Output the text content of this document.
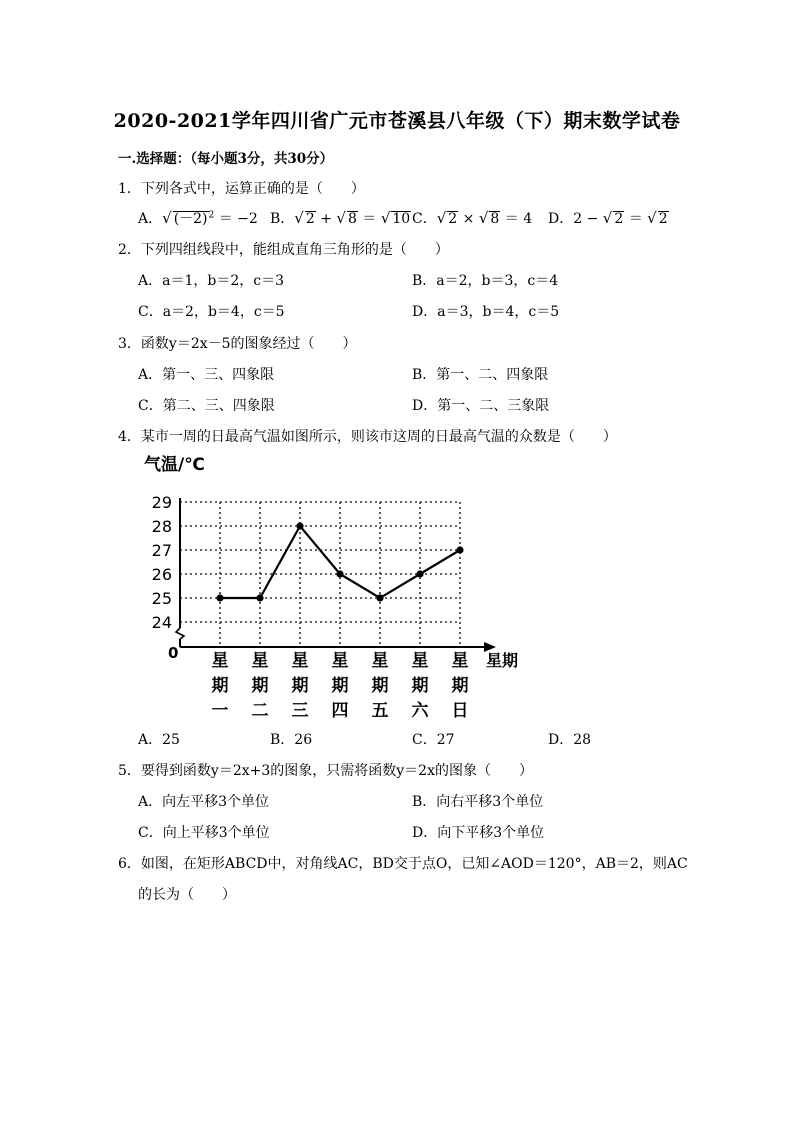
2020-2021学年四川省广元市苍溪县八年级（下）期末数学试卷
一.选择题：（每小题3分，共30分）
1．下列各式中，运算正确的是（　　）
A．√ $(-2)^2 = -2$ B．√ 2 + √ 8 ＝ √ 10 C．√ 2 × √ 8 ＝ 4 D．2 − √ 2 ＝ √ 2
2．下列四组线段中，能组成直角三角形的是（　　）
A．a＝1，b＝2，c＝3	B．a＝2，b＝3，c＝4
C．a＝2，b＝4，c＝5	D．a＝3，b＝4，c＝5
3．函数y＝2x－5的图象经过（　　）
A．第一、三、四象限	B．第一、二、四象限
C．第二、三、四象限	D．第一、二、三象限
4．某市一周的日最高气温如图所示，则该市这周的日最高气温的众数是（　　）
24
25
26
27
28
29
星
期
一
星
期
二
星
期
三
星
期
四
星
期
五
星
期
六
星
期
日
气温/℃
星期
0
A．25	B．26	C．27	D．28
5．要得到函数y＝2x+3的图象，只需将函数y＝2x的图象（　　）
A．向左平移3个单位	B．向右平移3个单位
C．向上平移3个单位	D．向下平移3个单位
6．如图，在矩形ABCD中，对角线AC，BD交于点O，已知∠AOD＝120°，AB＝2，则AC
的长为（　　）
